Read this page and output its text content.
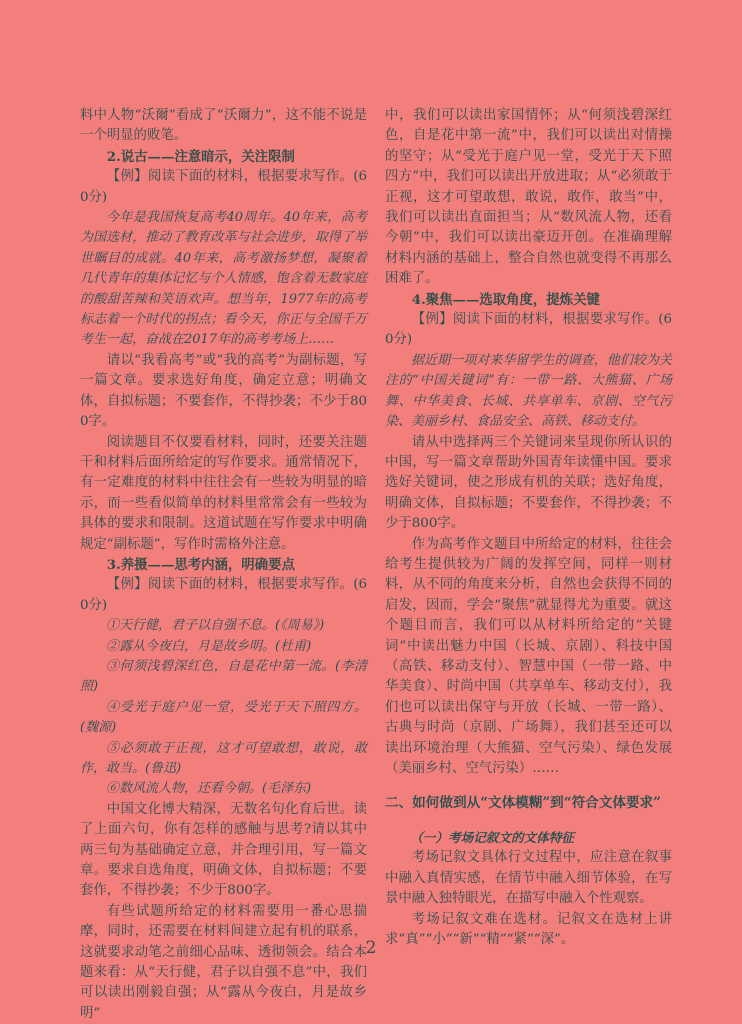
料中人物“沃爾”看成了“沃爾力”，这不能不说是一个明显的败笔。

2.说古——注意暗示，关注限制

【例】阅读下面的材料，根据要求写作。(60分)

今年是我国恢复高考40周年。40年来，高考为国选材，推动了教育改革与社会进步，取得了举世瞩目的成就。40年来，高考激扬梦想，凝聚着几代青年的集体记忆与个人情感，饱含着无数家庭的酸甜苦辣和笑语欢声。想当年，1977年的高考标志着一个时代的拐点；看今天，你正与全国千万考生一起，奋战在2017年的高考考场上……

请以“我看高考”或“我的高考”为副标题，写一篇文章。要求选好角度，确定立意；明确文体，自拟标题；不要套作，不得抄袭；不少于800字。

阅读题目不仅要看材料，同时，还要关注题干和材料后面所给定的写作要求。通常情况下，有一定难度的材料中往往会有一些较为明显的暗示，而一些看似简单的材料里常常会有一些较为具体的要求和限制。这道试题在写作要求中明确规定“副标题”，写作时需格外注意。

3.养摄——思考内涵，明确要点

【例】阅读下面的材料，根据要求写作。(60分)

①天行健，君子以自强不息。(《周易》)

②露从今夜白，月是故乡明。(杜甫)

③何须浅碧深红色，自是花中第一流。(李清照)

④受光于庭户见一堂，受光于天下照四方。(魏源)

⑤必须敢于正视，这才可望敢想，敢说，敢作，敢当。(鲁迅)

⑥数风流人物，还看今朝。(毛泽东)

中国文化博大精深，无数名句化育后世。读了上面六句，你有怎样的感触与思考?请以其中两三句为基础确定立意，并合理引用，写一篇文章。要求自选角度，明确文体，自拟标题；不要套作，不得抄袭；不少于800字。

有些试题所给定的材料需要用一番心思揣摩，同时，还需要在材料间建立起有机的联系，这就要求动笔之前细心品味、透彻领会。结合本题来看：从“天行健，君子以自强不息”中，我们可以读出刚毅自强；从“露从今夜白，月是故乡明”

中，我们可以读出家国情怀；从“何须浅碧深红色，自是花中第一流”中，我们可以读出对情操的坚守；从“受光于庭户见一堂，受光于天下照四方”中，我们可以读出开放进取；从“必须敢于正视，这才可望敢想，敢说，敢作，敢当”中，我们可以读出直面担当；从“数风流人物，还看今朝”中，我们可以读出豪迈开创。在准确理解材料内涵的基础上，整合自然也就变得不再那么困难了。

4.聚焦——选取角度，提炼关键

【例】阅读下面的材料，根据要求写作。(60分)

据近期一项对来华留学生的调查，他们较为关注的“中国关键词”有：一带一路、大熊猫、广场舞、中华美食、长城、共享单车、京剧、空气污染、美丽乡村、食品安全、高铁、移动支付。

请从中选择两三个关键词来呈现你所认识的中国，写一篇文章帮助外国青年读懂中国。要求选好关键词，使之形成有机的关联；选好角度，明确文体，自拟标题；不要套作，不得抄袭；不少于800字。

作为高考作文题目中所给定的材料，往往会给考生提供较为广阔的发挥空间，同样一则材料，从不同的角度来分析，自然也会获得不同的启发，因而，学会“聚焦”就显得尤为重要。就这个题目而言，我们可以从材料所给定的“关键词”中读出魅力中国（长城、京剧）、科技中国（高铁、移动支付）、智慧中国（一带一路、中华美食）、时尚中国（共享单车、移动支付），我们也可以读出保守与开放（长城、一带一路）、古典与时尚（京剧、广场舞），我们甚至还可以读出环境治理（大熊猫、空气污染）、绿色发展（美丽乡村、空气污染）……

二、如何做到从“文体模糊”到“符合文体要求”

（一）考场记叙文的文体特征

考场记叙文具体行文过程中，应注意在叙事中融入真情实感，在情节中融入细节体验，在写景中融入独特眼光，在描写中融入个性观察。

考场记叙文难在选材。记叙文在选材上讲求“真”“小”“新”“精”“紧”“深”。

2
